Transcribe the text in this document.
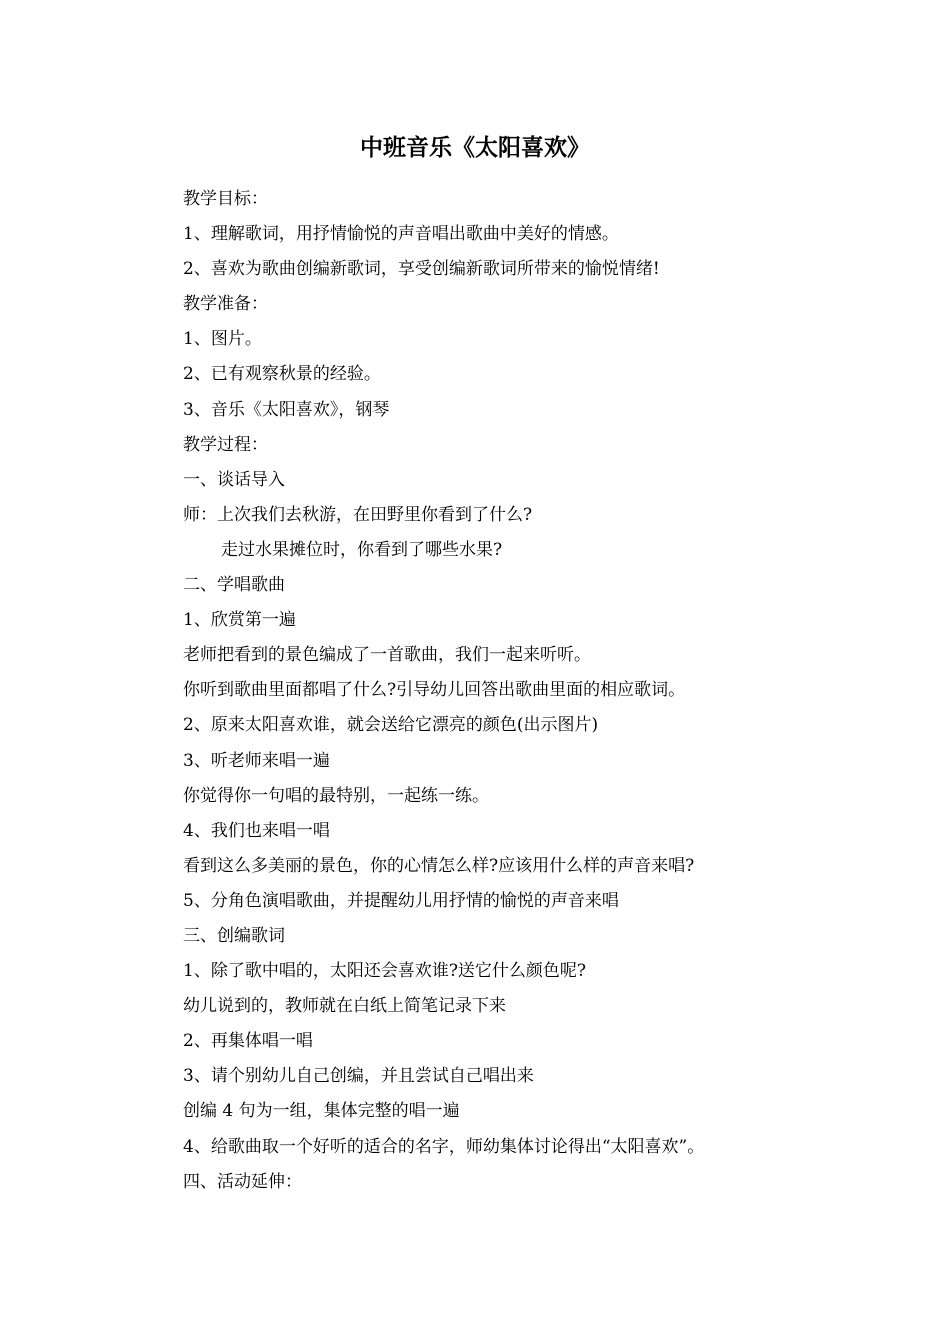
中班音乐《太阳喜欢》
教学目标：
1、理解歌词，用抒情愉悦的声音唱出歌曲中美好的情感。
2、喜欢为歌曲创编新歌词，享受创编新歌词所带来的愉悦情绪!
教学准备：
1、图片。
2、已有观察秋景的经验。
3、音乐《太阳喜欢》，钢琴
教学过程：
一、谈话导入
师：上次我们去秋游，在田野里你看到了什么?
走过水果摊位时，你看到了哪些水果?
二、学唱歌曲
1、欣赏第一遍
老师把看到的景色编成了一首歌曲，我们一起来听听。
你听到歌曲里面都唱了什么?引导幼儿回答出歌曲里面的相应歌词。
2、原来太阳喜欢谁，就会送给它漂亮的颜色(出示图片)
3、听老师来唱一遍
你觉得你一句唱的最特别，一起练一练。
4、我们也来唱一唱
看到这么多美丽的景色，你的心情怎么样?应该用什么样的声音来唱?
5、分角色演唱歌曲，并提醒幼儿用抒情的愉悦的声音来唱
三、创编歌词
1、除了歌中唱的，太阳还会喜欢谁?送它什么颜色呢?
幼儿说到的，教师就在白纸上简笔记录下来
2、再集体唱一唱
3、请个别幼儿自己创编，并且尝试自己唱出来
创编 4 句为一组，集体完整的唱一遍
4、给歌曲取一个好听的适合的名字，师幼集体讨论得出“太阳喜欢”。
四、活动延伸：
